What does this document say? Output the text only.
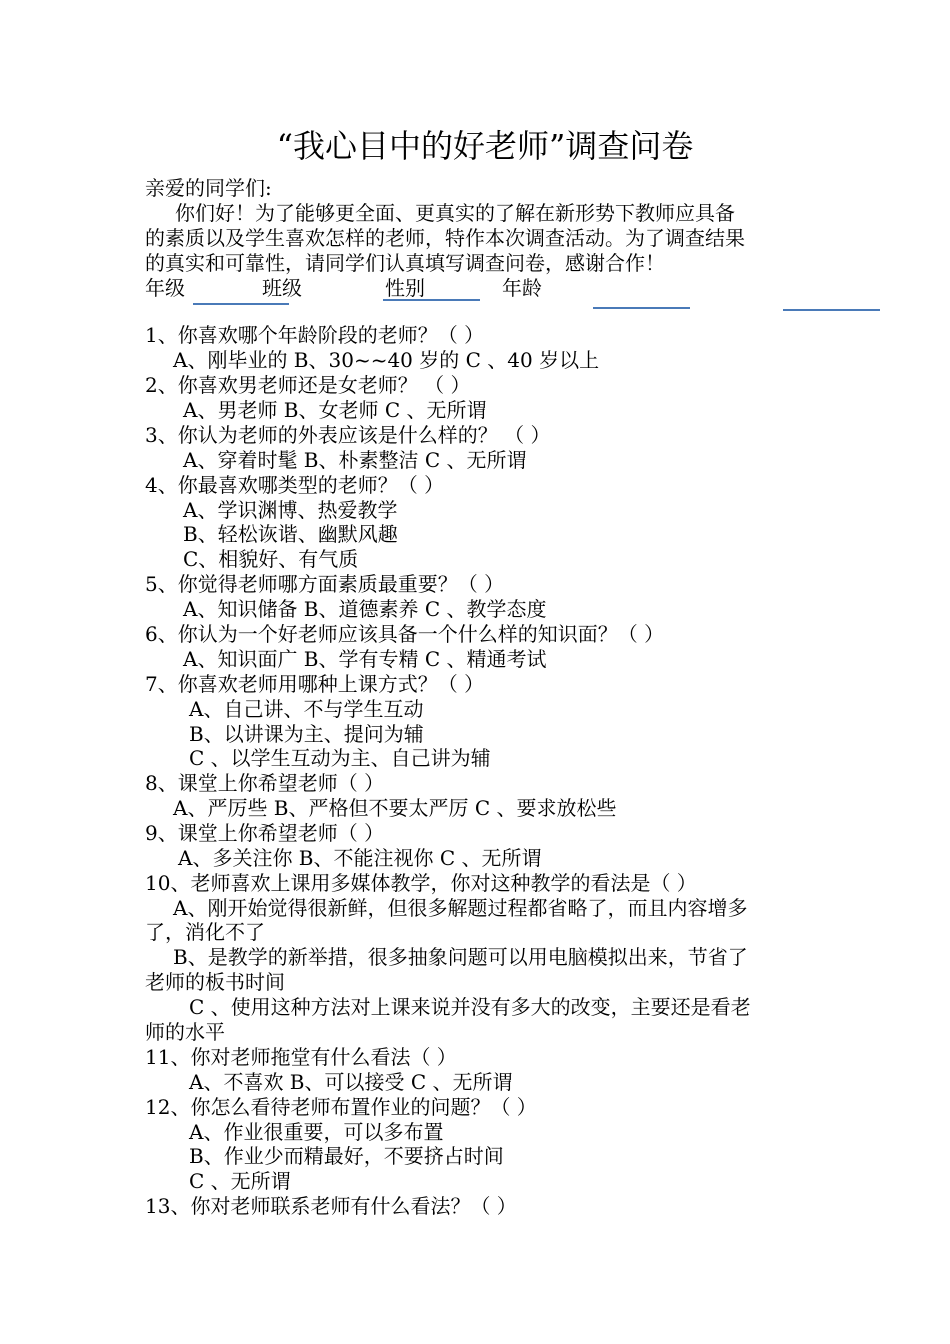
“我心目中的好老师”调查问卷
亲爱的同学们:
你们好！为了能够更全面、更真实的了解在新形势下教师应具备
的素质以及学生喜欢怎样的老师，特作本次调查活动。为了调查结果
的真实和可靠性，请同学们认真填写调查问卷，感谢合作！
年级	班级	性别	年龄
1、你喜欢哪个年龄阶段的老师？（ ）
A、刚毕业的 B、30~~40 岁的 C 、40 岁以上
2、你喜欢男老师还是女老师？ （ ）
A、男老师 B、女老师 C 、无所谓
3、你认为老师的外表应该是什么样的？ （ ）
A、穿着时髦 B、朴素整洁 C 、无所谓
4、你最喜欢哪类型的老师？（ ）
A、学识渊博、热爱教学
B、轻松诙谐、幽默风趣
C、相貌好、有气质
5、你觉得老师哪方面素质最重要？（ ）
A、知识储备 B、道德素养 C 、教学态度
6、你认为一个好老师应该具备一个什么样的知识面？（ ）
A、知识面广 B、学有专精 C 、精通考试
7、你喜欢老师用哪种上课方式？（ ）
A、自己讲、不与学生互动
B、以讲课为主、提问为辅
C 、以学生互动为主、自己讲为辅
8、课堂上你希望老师（ ）
A、严厉些 B、严格但不要太严厉 C 、要求放松些
9、课堂上你希望老师（ ）
A、多关注你 B、不能注视你 C 、无所谓
10、老师喜欢上课用多媒体教学，你对这种教学的看法是（ ）
A、刚开始觉得很新鲜，但很多解题过程都省略了，而且内容增多
了，消化不了
B、是教学的新举措，很多抽象问题可以用电脑模拟出来，节省了
老师的板书时间
C 、使用这种方法对上课来说并没有多大的改变，主要还是看老
师的水平
11、你对老师拖堂有什么看法（ ）
A、不喜欢 B、可以接受 C 、无所谓
12、你怎么看待老师布置作业的问题？（ ）
A、作业很重要，可以多布置
B、作业少而精最好，不要挤占时间
C 、无所谓
13、你对老师联系老师有什么看法？（ ）
